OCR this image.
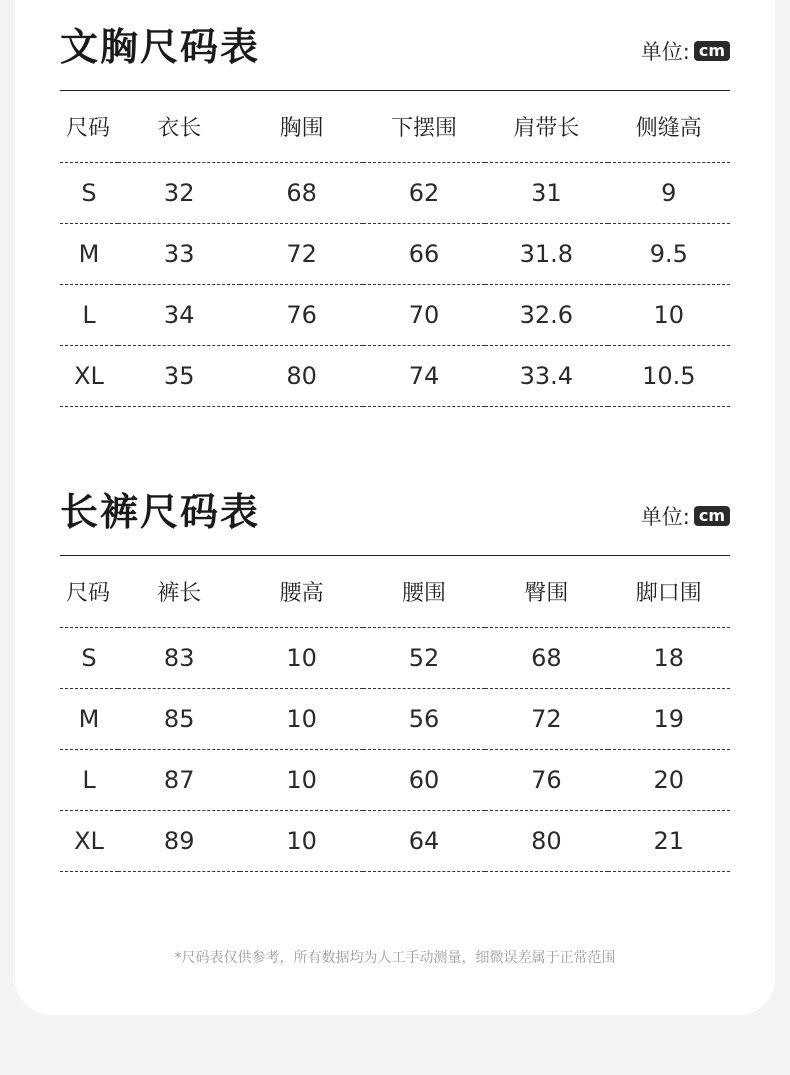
文胸尺码表	单位: cm
尺码	衣长	胸围	下摆围	肩带长	侧缝高
S	32	68	62	31	9
M	33	72	66	31.8	9.5
L	34	76	70	32.6	10
XL	35	80	74	33.4	10.5
长裤尺码表	单位: cm
尺码	裤长	腰高	腰围	臀围	脚口围
S	83	10	52	68	18
M	85	10	56	72	19
L	87	10	60	76	20
XL	89	10	64	80	21
*尺码表仅供参考，所有数据均为人工手动测量，细微误差属于正常范围
